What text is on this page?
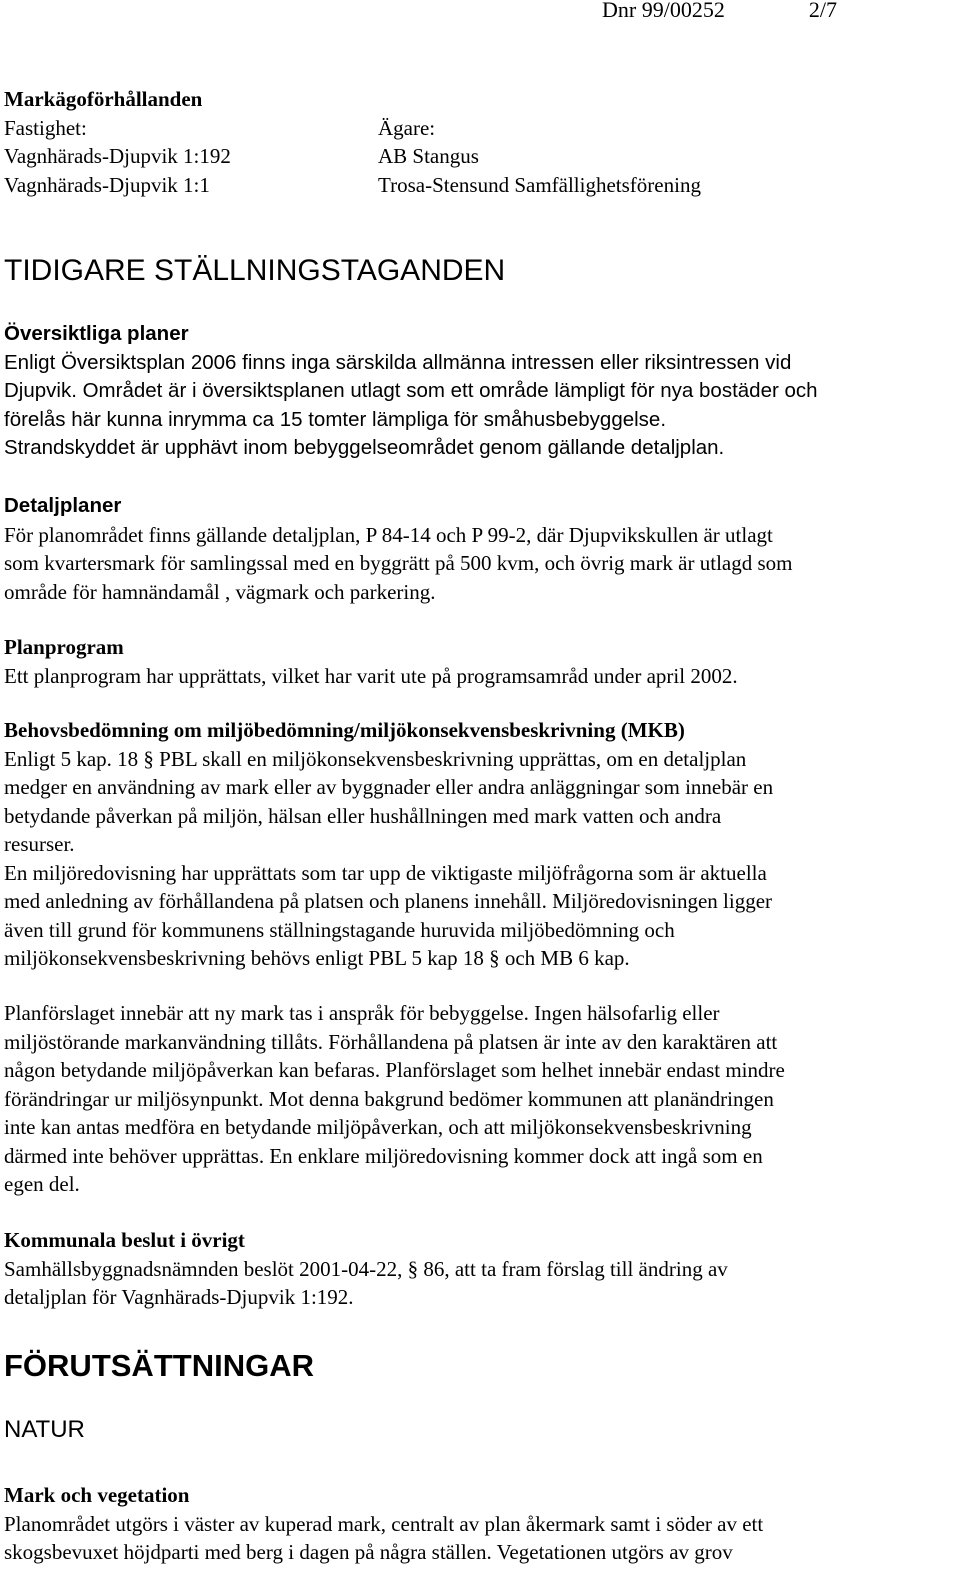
Dnr 99/00252	2/7

Markägoförhållanden

Fastighet:

Vagnhärads-Djupvik 1:192

Vagnhärads-Djupvik 1:1

Ägare:

AB Stangus

Trosa-Stensund Samfällighetsförening

TIDIGARE STÄLLNINGSTAGANDEN

Översiktliga planer

Enligt Översiktsplan 2006 finns inga särskilda allmänna intressen eller riksintressen vid

Djupvik. Området är i översiktsplanen utlagt som ett område lämpligt för nya bostäder och

förelås här kunna inrymma ca 15 tomter lämpliga för småhusbebyggelse.

Strandskyddet är upphävt inom bebyggelseområdet genom gällande detaljplan.

Detaljplaner

För planområdet finns gällande detaljplan, P 84-14 och P 99-2, där Djupvikskullen är utlagt

som kvartersmark för samlingssal med en byggrätt på 500 kvm, och övrig mark är utlagd som

område för hamnändamål , vägmark och parkering.

Planprogram

Ett planprogram har upprättats, vilket har varit ute på programsamråd under april 2002.

Behovsbedömning om miljöbedömning/miljökonsekvensbeskrivning (MKB)

Enligt 5 kap. 18 § PBL skall en miljökonsekvensbeskrivning upprättas, om en detaljplan

medger en användning av mark eller av byggnader eller andra anläggningar som innebär en

betydande påverkan på miljön, hälsan eller hushållningen med mark vatten och andra

resurser.

En miljöredovisning har upprättats som tar upp de viktigaste miljöfrågorna som är aktuella

med anledning av förhållandena på platsen och planens innehåll. Miljöredovisningen ligger

även till grund för kommunens ställningstagande huruvida miljöbedömning och

miljökonsekvensbeskrivning behövs enligt PBL 5 kap 18 § och MB 6 kap.

Planförslaget innebär att ny mark tas i anspråk för bebyggelse. Ingen hälsofarlig eller

miljöstörande markanvändning tillåts. Förhållandena på platsen är inte av den karaktären att

någon betydande miljöpåverkan kan befaras. Planförslaget som helhet innebär endast mindre

förändringar ur miljösynpunkt. Mot denna bakgrund bedömer kommunen att planändringen

inte kan antas medföra en betydande miljöpåverkan, och att miljökonsekvensbeskrivning

därmed inte behöver upprättas. En enklare miljöredovisning kommer dock att ingå som en

egen del.

Kommunala beslut i övrigt

Samhällsbyggnadsnämnden beslöt 2001-04-22, § 86, att ta fram förslag till ändring av

detaljplan för Vagnhärads-Djupvik 1:192.

FÖRUTSÄTTNINGAR
NATUR

Mark och vegetation

Planområdet utgörs i väster av kuperad mark, centralt av plan åkermark samt i söder av ett

skogsbevuxet höjdparti med berg i dagen på några ställen. Vegetationen utgörs av grov
